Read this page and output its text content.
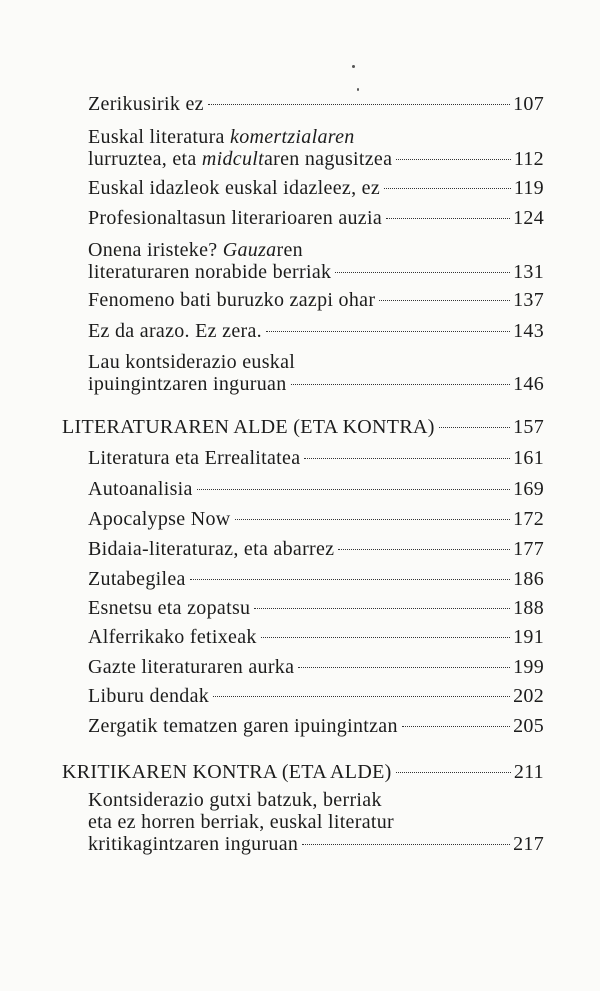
Zerikusirik ez	107
Euskal literatura komertzialaren
lurruztea, eta midcultaren nagusitzea	112
Euskal idazleok euskal idazleez, ez	119
Profesionaltasun literarioaren auzia	124
Onena iristeke? Gauzaren
literaturaren norabide berriak	131
Fenomeno bati buruzko zazpi ohar	137
Ez da arazo. Ez zera.	143
Lau kontsiderazio euskal
ipuingintzaren inguruan	146
LITERATURAREN ALDE (ETA KONTRA)	157
Literatura eta Errealitatea	161
Autoanalisia	169
Apocalypse Now	172
Bidaia-literaturaz, eta abarrez	177
Zutabegilea	186
Esnetsu eta zopatsu	188
Alferrikako fetixeak	191
Gazte literaturaren aurka	199
Liburu dendak	202
Zergatik tematzen garen ipuingintzan	205
KRITIKAREN KONTRA (ETA ALDE)	211
Kontsiderazio gutxi batzuk, berriak
eta ez horren berriak, euskal literatur
kritikagintzaren inguruan	217
